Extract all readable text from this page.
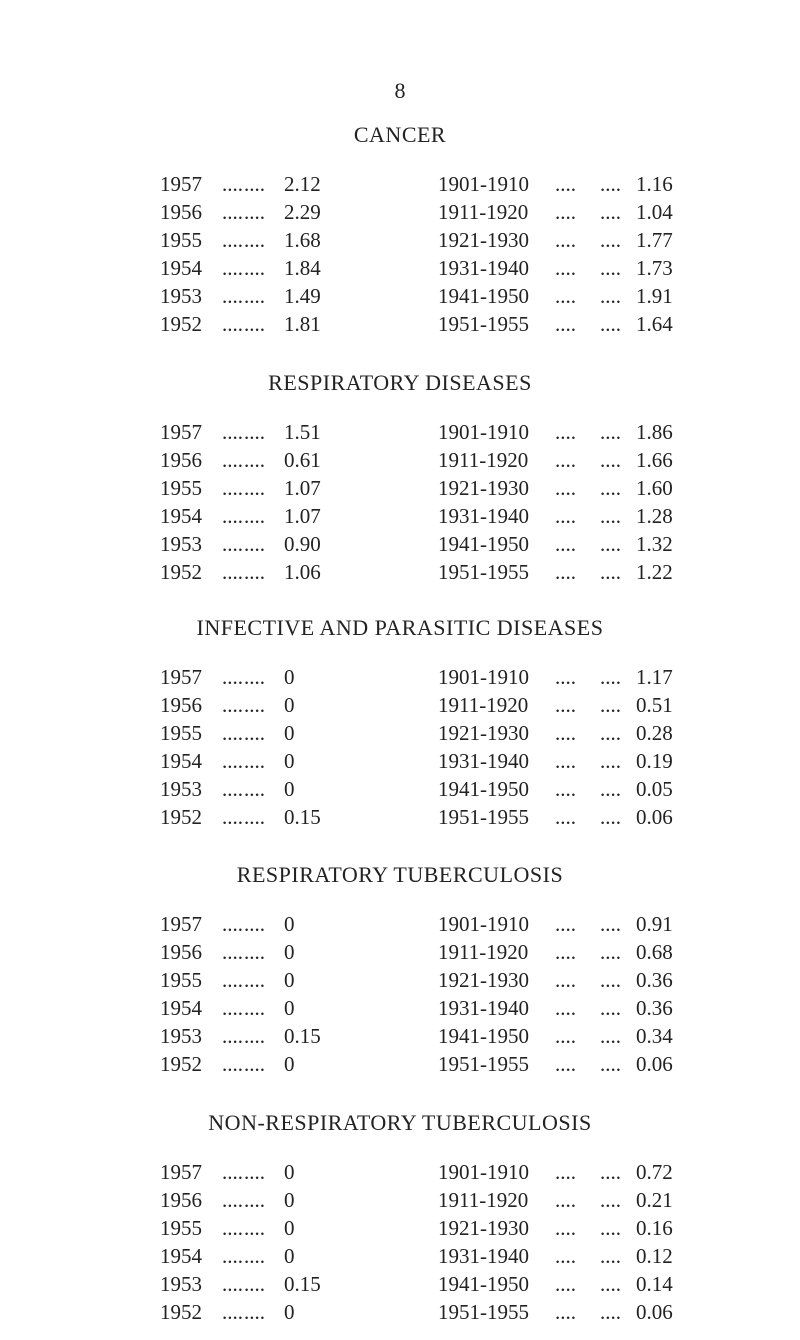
8
CANCER
1957 .... .... 2.12	1901-1910 .... .... 1.16
1956 .... .... 2.29	1911-1920 .... .... 1.04
1955 .... .... 1.68	1921-1930 .... .... 1.77
1954 .... .... 1.84	1931-1940 .... .... 1.73
1953 .... .... 1.49	1941-1950 .... .... 1.91
1952 .... .... 1.81	1951-1955 .... .... 1.64
RESPIRATORY DISEASES
1957 .... .... 1.51	1901-1910 .... .... 1.86
1956 .... .... 0.61	1911-1920 .... .... 1.66
1955 .... .... 1.07	1921-1930 .... .... 1.60
1954 .... .... 1.07	1931-1940 .... .... 1.28
1953 .... .... 0.90	1941-1950 .... .... 1.32
1952 .... .... 1.06	1951-1955 .... .... 1.22
INFECTIVE AND PARASITIC DISEASES
1957 .... .... 0	1901-1910 .... .... 1.17
1956 .... .... 0	1911-1920 .... .... 0.51
1955 .... .... 0	1921-1930 .... .... 0.28
1954 .... .... 0	1931-1940 .... .... 0.19
1953 .... .... 0	1941-1950 .... .... 0.05
1952 .... .... 0.15	1951-1955 .... .... 0.06
RESPIRATORY TUBERCULOSIS
1957 .... .... 0	1901-1910 .... .... 0.91
1956 .... .... 0	1911-1920 .... .... 0.68
1955 .... .... 0	1921-1930 .... .... 0.36
1954 .... .... 0	1931-1940 .... .... 0.36
1953 .... .... 0.15	1941-1950 .... .... 0.34
1952 .... .... 0	1951-1955 .... .... 0.06
NON-RESPIRATORY TUBERCULOSIS
1957 .... .... 0	1901-1910 .... .... 0.72
1956 .... .... 0	1911-1920 .... .... 0.21
1955 .... .... 0	1921-1930 .... .... 0.16
1954 .... .... 0	1931-1940 .... .... 0.12
1953 .... .... 0.15	1941-1950 .... .... 0.14
1952 .... .... 0	1951-1955 .... .... 0.06
